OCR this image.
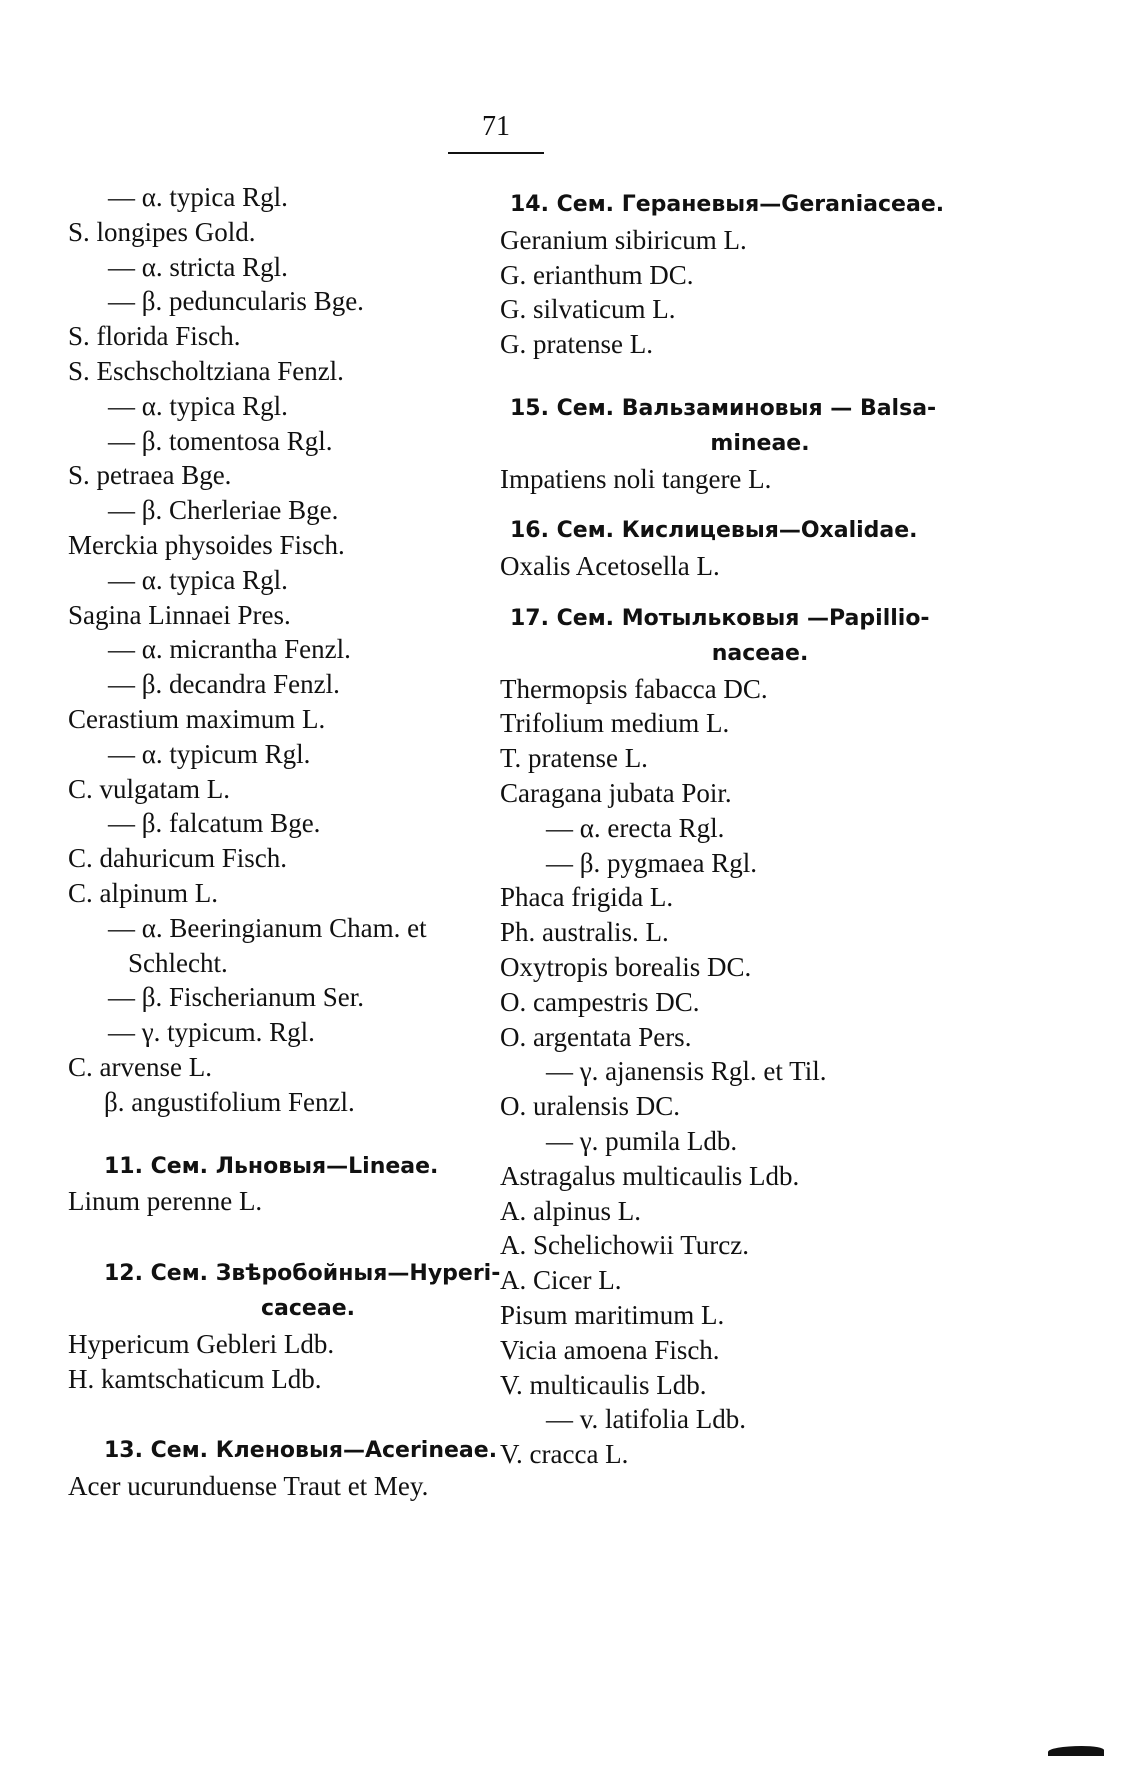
71
— α. typica Rgl.
S. longipes Gold.
— α. stricta Rgl.
— β. peduncularis Bge.
S. florida Fisch.
S. Eschscholtziana Fenzl.
— α. typica Rgl.
— β. tomentosa Rgl.
S. petraea Bge.
— β. Cherleriae Bge.
Merckia physoides Fisch.
— α. typica Rgl.
Sagina Linnaei Pres.
— α. micrantha Fenzl.
— β. decandra Fenzl.
Cerastium maximum L.
— α. typicum Rgl.
C. vulgatam L.
— β. falcatum Bge.
C. dahuricum Fisch.
C. alpinum L.
— α. Beeringianum Cham. et
Schlecht.
— β. Fischerianum Ser.
— γ. typicum. Rgl.
C. arvense L.
β. angustifolium Fenzl.
11. Сем. Льновыя—Lineae.
Linum perenne L.
12. Сем. Звѣробойныя—Hyperi-
caceae.
Hypericum Gebleri Ldb.
H. kamtschaticum Ldb.
13. Сем. Кленовыя—Acerineae.
Acer ucurunduense Traut et Mey.
14. Сем. Гераневыя—Geraniaceae.
Geranium sibiricum L.
G. erianthum DC.
G. silvaticum L.
G. pratense L.
15. Сем. Вальзаминовыя — Balsa-
mineae.
Impatiens noli tangere L.
16. Сем. Кислицевыя—Oxalidae.
Oxalis Acetosella L.
17. Сем. Мотыльковыя —Papillio-
naceae.
Thermopsis fabacca DC.
Trifolium medium L.
T. pratense L.
Caragana jubata Poir.
— α. erecta Rgl.
— β. pygmaea Rgl.
Phaca frigida L.
Ph. australis. L.
Oxytropis borealis DC.
O. campestris DC.
O. argentata Pers.
— γ. ajanensis Rgl. et Til.
O. uralensis DC.
— γ. pumila Ldb.
Astragalus multicaulis Ldb.
A. alpinus L.
A. Schelichowii Turcz.
A. Cicer L.
Pisum maritimum L.
Vicia amoena Fisch.
V. multicaulis Ldb.
— v. latifolia Ldb.
V. cracca L.
